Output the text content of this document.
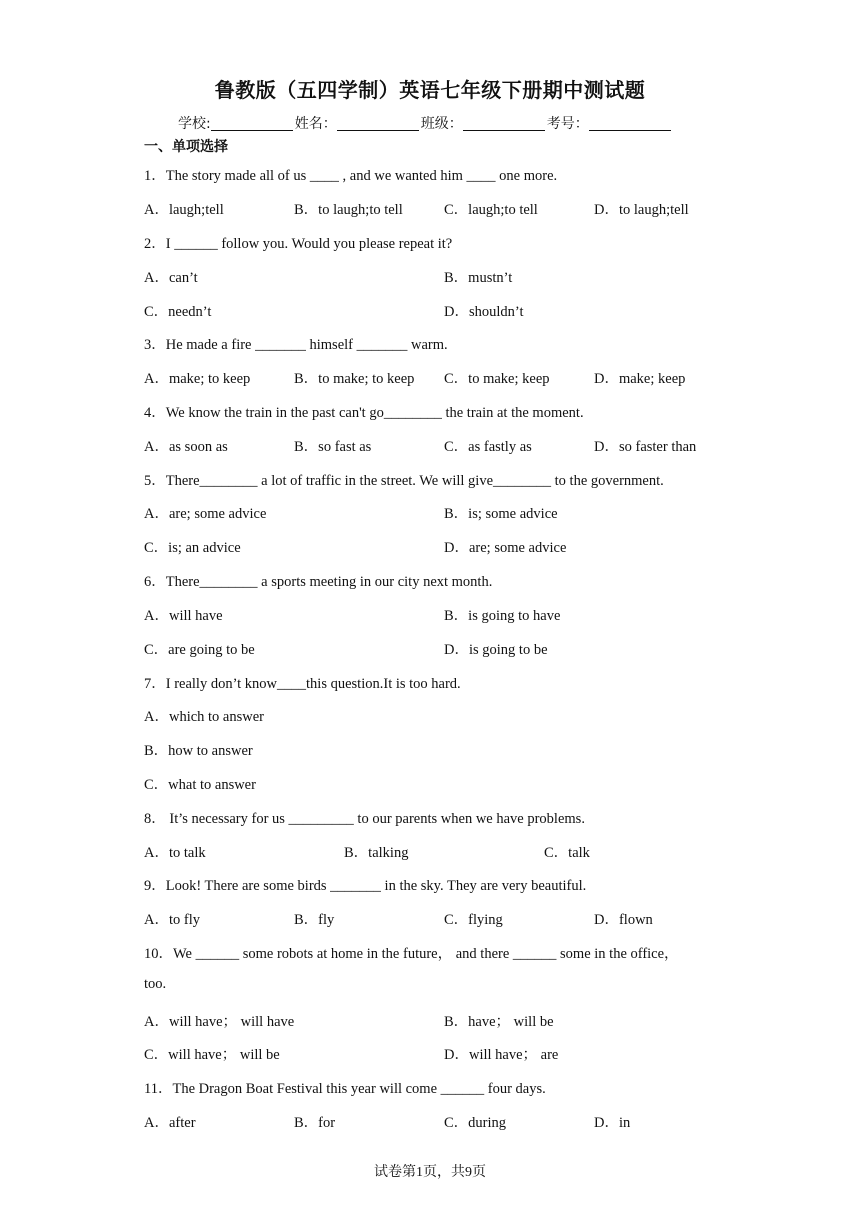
鲁教版（五四学制）英语七年级下册期中测试题
学校:	姓名：	班级：	考号：
一、单项选择
1．The story made all of us ____ , and we wanted him ____ one more.
A．laugh;tell	B．to laugh;to tell	C．laugh;to tell	D．to laugh;tell
2．I ______ follow you. Would you please repeat it?
A．can’t	B．mustn’t
C．needn’t	D．shouldn’t
3．He made a fire _______ himself _______ warm.
A．make; to keep	B．to make; to keep C．to make; keep	D．make; keep
4．We know the train in the past can't go________ the train at the moment.
A．as soon as	B．so fast as	C．as fastly as	D．so faster than
5．There________ a lot of traffic in the street. We will give________ to the government.
A．are; some advice	B．is; some advice
C．is; an advice	D．are; some advice
6．There________ a sports meeting in our city next month.
A．will have	B．is going to have
C．are going to be	D．is going to be
7．I really don’t know____this question.It is too hard.
A．which to answer
B．how to answer
C．what to answer
8． It’s necessary for us _________ to our parents when we have problems.
A．to talk	B．talking	C．talk
9．Look! There are some birds _______ in the sky. They are very beautiful.
A．to fly	B．fly	C．flying	D．flown
10．We ______ some robots at home in the future， and there ______ some in the office，
too.
A．will have； will have	B．have； will be
C．will have； will be	D．will have； are
11．The Dragon Boat Festival this year will come ______ four days.
A．after	B．for	C．during	D．in
试卷第1页，共9页
